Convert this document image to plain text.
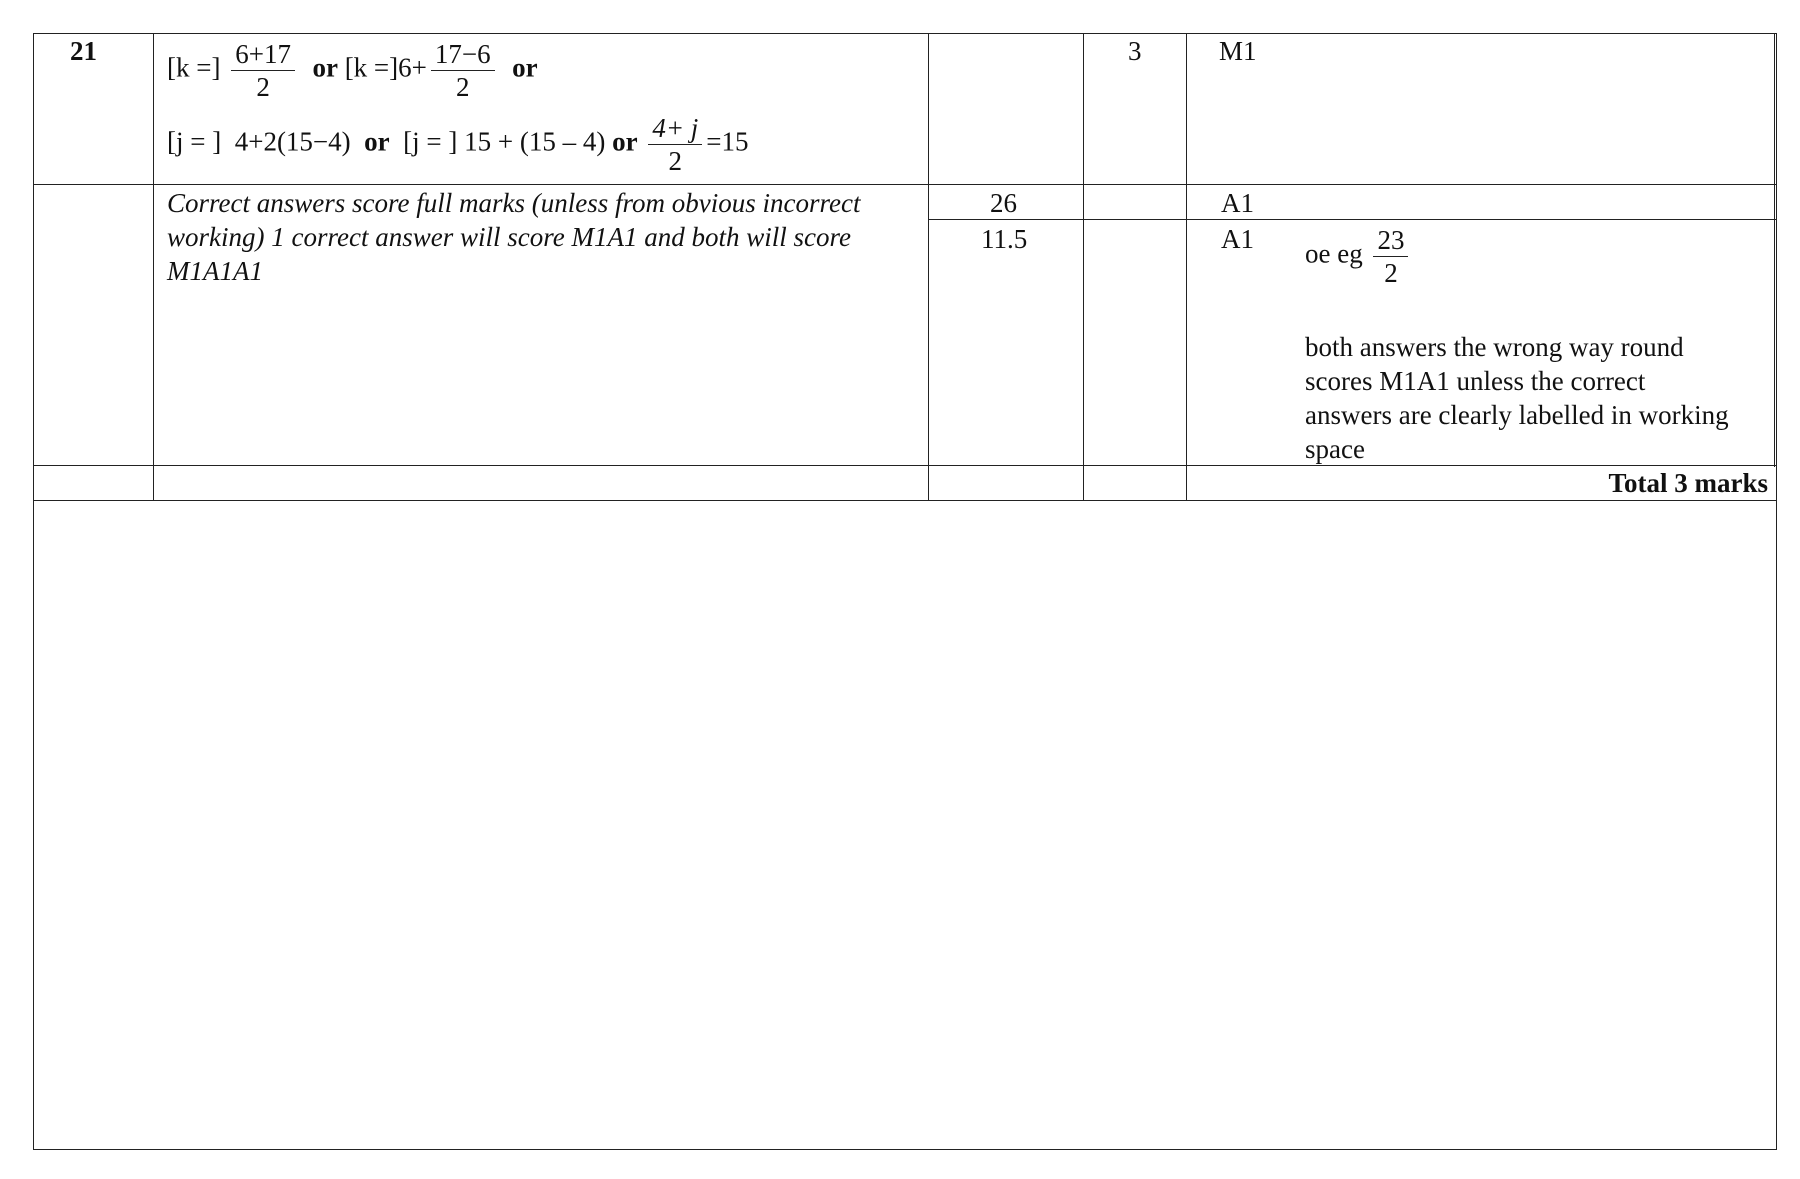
21
[k =] $\frac{6+17}{2}$ or $[k =]6+ \frac{17-6}{2}$ or
[j = ] 4+2(15−4) or [j = ] 15 + (15 – 4) or $\frac{4+ j}{2} =15$
Correct answers score full marks (unless from obvious incorrect working) 1 correct answer will score M1A1 and both will score M1A1A1
26
11.5
3	M1
A1
A1 oe eg $\frac{23}{2}$
both answers the wrong way round scores M1A1 unless the correct answers are clearly labelled in working space
Total 3 marks
